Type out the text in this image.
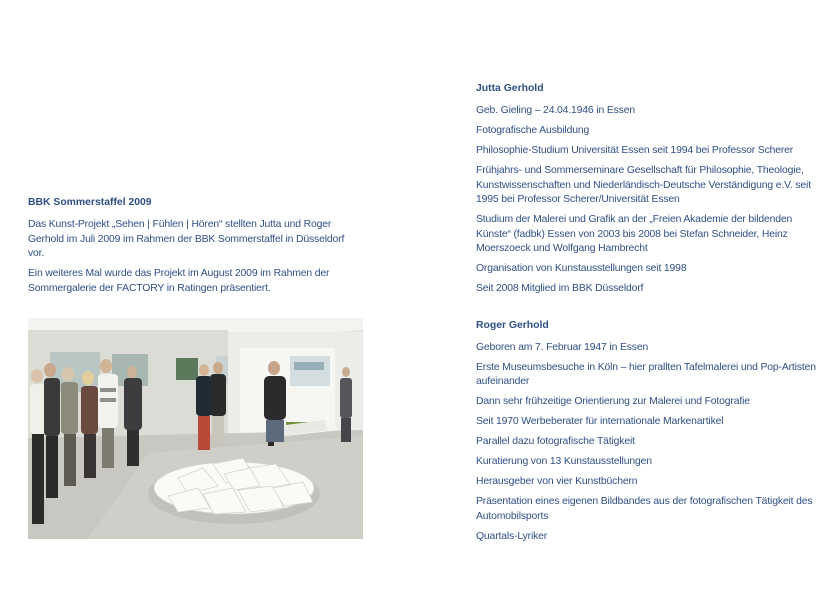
BBK Sommerstaffel 2009

Das Kunst-Projekt „Sehen | Fühlen | Hören“ stellten Jutta und Roger Gerhold im Juli 2009 im Rahmen der BBK Sommerstaffel in Düsseldorf vor.

Ein weiteres Mal wurde das Projekt im August 2009 im Rahmen der Sommergalerie der FACTORY in Ratingen präsentiert.

Jutta Gerhold

Geb. Gieling – 24.04.1946 in Essen

Fotografische Ausbildung

Philosophie-Studium Universität Essen seit 1994 bei Professor Scherer

Frühjahrs- und Sommerseminare Gesellschaft für Philosophie, Theologie, Kunstwissenschaften und Niederländisch-Deutsche Verständigung e.V. seit 1995 bei Professor Scherer/Universität Essen

Studium der Malerei und Grafik an der „Freien Akademie der bildenden Künste“ (fadbk) Essen von 2003 bis 2008 bei Stefan Schneider, Heinz Moerszoeck und Wolfgang Hambrecht

Organisation von Kunstausstellungen seit 1998

Seit 2008 Mitglied im BBK Düsseldorf

Roger Gerhold

Geboren am 7. Februar 1947 in Essen

Erste Museumsbesuche in Köln – hier prallten Tafelmalerei und Pop-Artisten aufeinander

Dann sehr frühzeitige Orientierung zur Malerei und Fotografie

Seit 1970 Werbeberater für internationale Markenartikel

Parallel dazu fotografische Tätigkeit

Kuratierung von 13 Kunstausstellungen

Herausgeber von vier Kunstbüchern

Präsentation eines eigenen Bildbandes aus der fotografischen Tätigkeit des Automobilsports

Quartals-Lyriker
